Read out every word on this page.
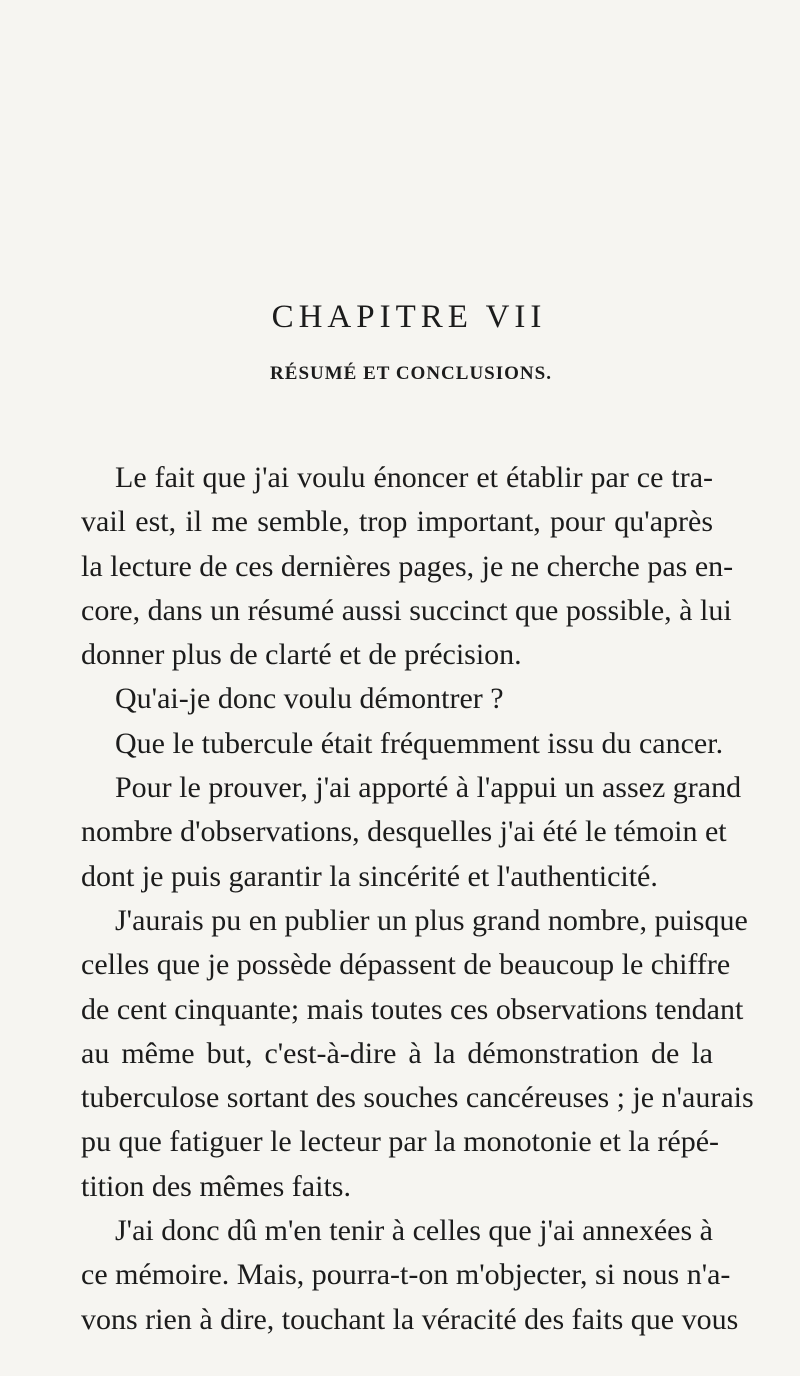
CHAPITRE VII
RÉSUMÉ ET CONCLUSIONS.
Le fait que j'ai voulu énoncer et établir par ce tra-
vail est, il me semble, trop important, pour qu'après
la lecture de ces dernières pages, je ne cherche pas en-
core, dans un résumé aussi succinct que possible, à lui
donner plus de clarté et de précision.
Qu'ai-je donc voulu démontrer ?
Que le tubercule était fréquemment issu du cancer.
Pour le prouver, j'ai apporté à l'appui un assez grand
nombre d'observations, desquelles j'ai été le témoin et
dont je puis garantir la sincérité et l'authenticité.
J'aurais pu en publier un plus grand nombre, puisque
celles que je possède dépassent de beaucoup le chiffre
de cent cinquante; mais toutes ces observations tendant
au même but, c'est-à-dire à la démonstration de la
tuberculose sortant des souches cancéreuses ; je n'aurais
pu que fatiguer le lecteur par la monotonie et la répé-
tition des mêmes faits.
J'ai donc dû m'en tenir à celles que j'ai annexées à
ce mémoire. Mais, pourra-t-on m'objecter, si nous n'a-
vons rien à dire, touchant la véracité des faits que vous
